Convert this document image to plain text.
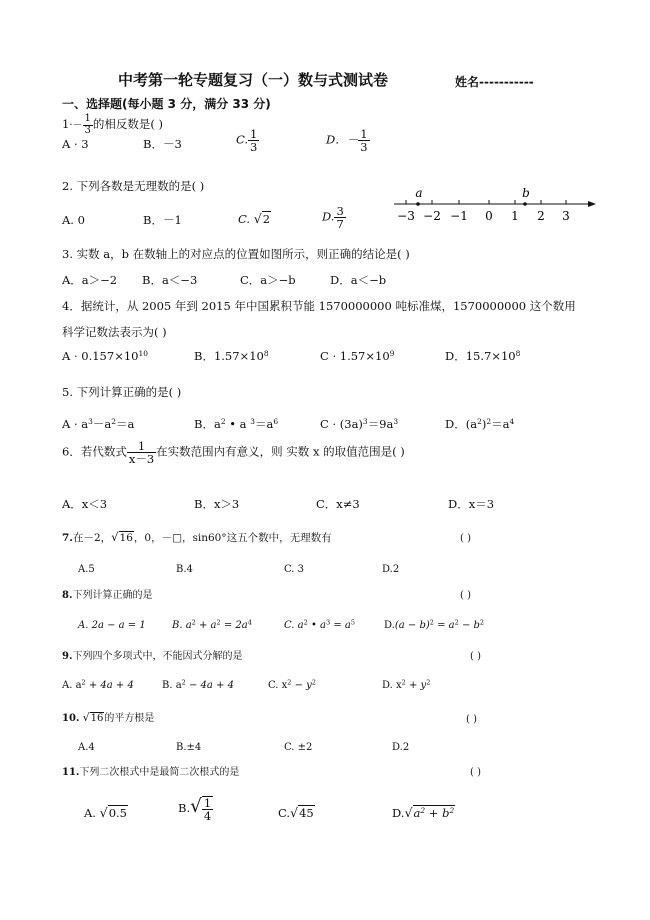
中考第一轮专题复习（一）数与式测试卷	姓名-----------
一、选择题(每小题 3 分，满分 33 分)
$1\cdot- \frac{1}{3}$ 的相反数是( )
A · 3	B．－3	C. $\frac{1}{3}$	D．－ $\frac{1}{3}$
2. 下列各数是无理数的是( )
A. 0	B．－1	C. √2	D. $\frac{3}{7}$
a	b
−3 −2 −1 0 1 2 3
3. 实数 a，b 在数轴上的对应点的位置如图所示，则正确的结论是( )
A．a＞−2 B．a＜−3	C．a＞−b	D．a＜−b
4．据统计，从 2005 年到 2015 年中国累积节能 1570000000 吨标准煤，1570000000 这个数用
科学记数法表示为( )
$A \cdot 0.157\times 10^{10}$	B．$1.57\times 10^8$	$C \cdot 1.57\times 10^9$	D．$15.7\times 10^8$
5. 下列计算正确的是( )
$A \cdot a^3-a^2=a$	B．$a^2$ • a $^3=a^6$	$C \cdot (3a)^3=9a^3$	D．$(a^2)^2=a^4$
6．若代数式 $\frac{1}{x-3}$ 在实数范围内有意义，则 实数 x 的取值范围是( )
A．x＜3	B．x＞3	C．x≠3	D．x＝3
7.在－2，√16，0，－□，sin60°这五个数中，无理数有	( )
A.5	B.4	C. 3	D.2
8.下列计算正确的是	( )
A. 2a − a = 1	B. $a^2 + a^2 = 2a^4$	C. $a^2$ • $a^3 = a^5$	$D.(a - b)^2 = a^2 - b^2$
9.下列四个多项式中，不能因式分解的是	( )
A. $a^2 + 4a + 4$	B. $a^2 - 4a + 4$	C. $x^2 - y^2$	D. $x^2 + y^2$
10. √16的平方根是	( )
A.4	B.±4	C. ±2	D.2
11.下列二次根式中是最简二次根式的是	( )
A. √0.5	$B.√ \frac{1}{4}$	C.√45	$D.√a^2 + b^2$
